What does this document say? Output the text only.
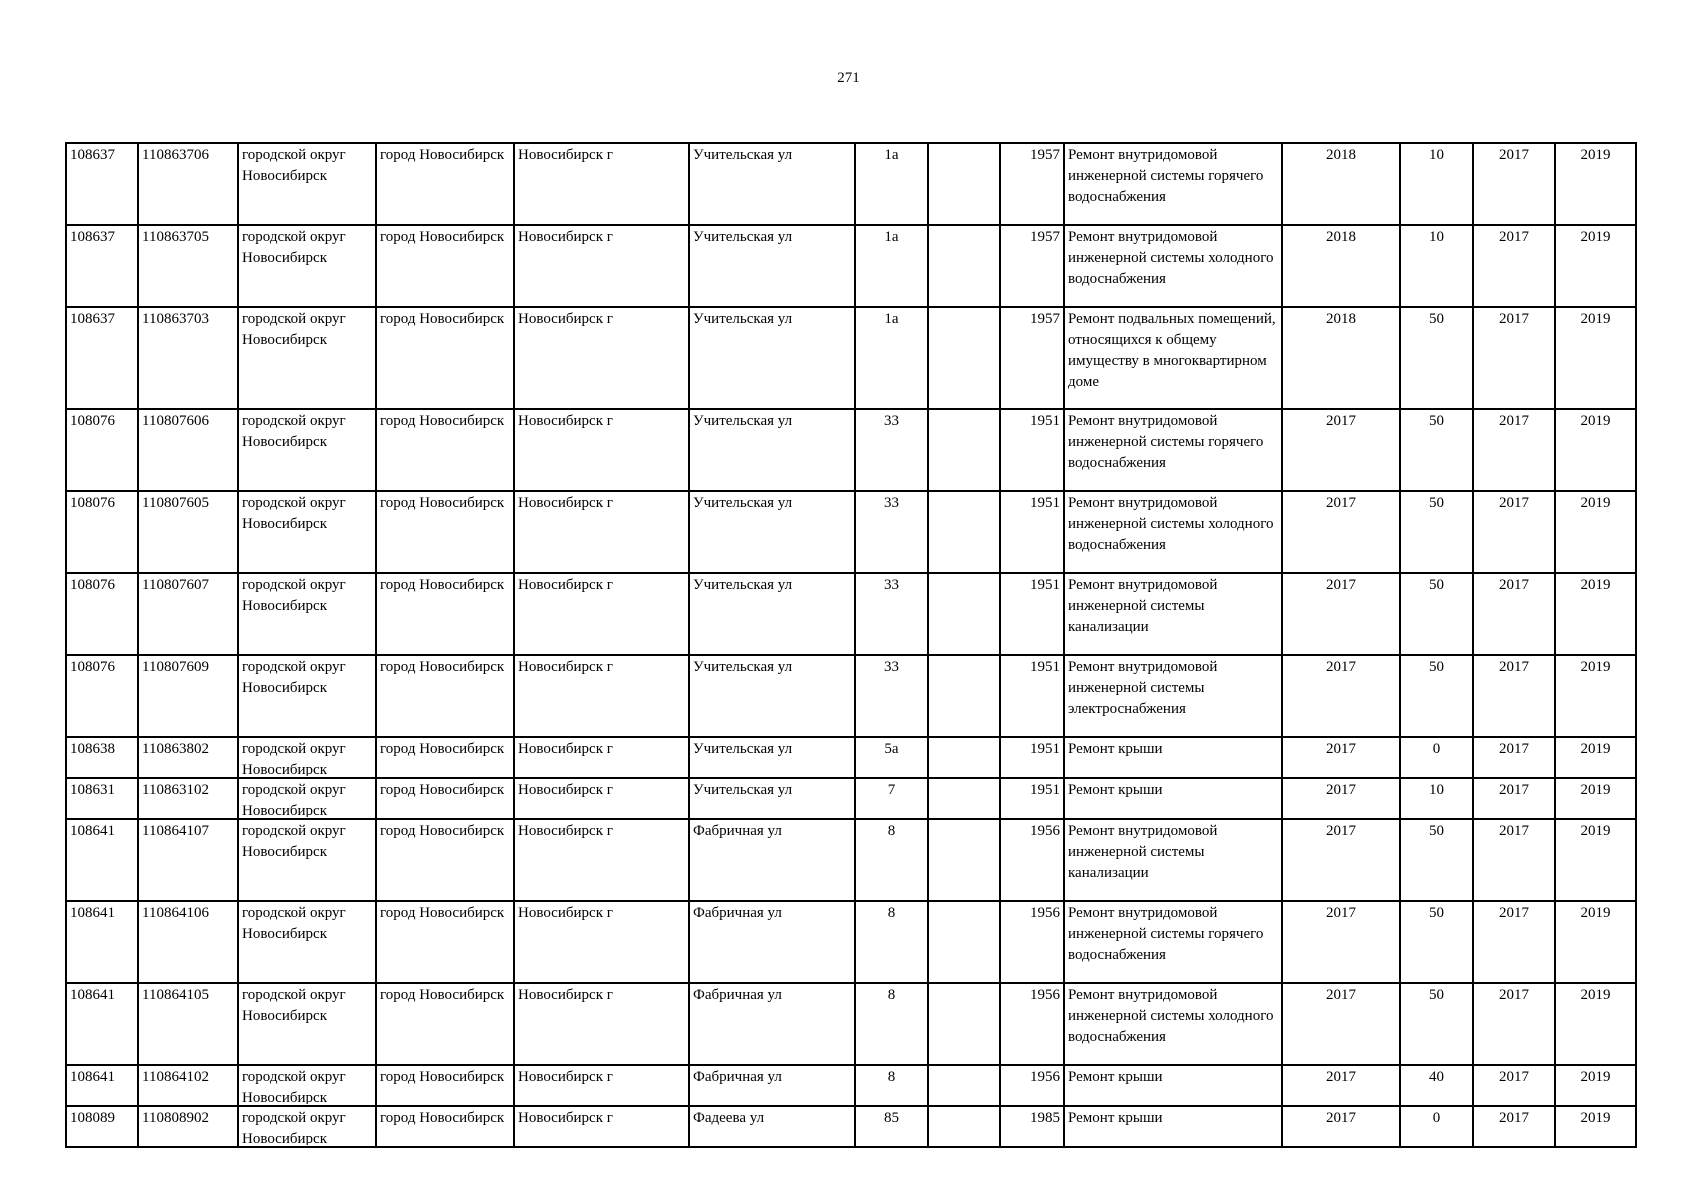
271
108637	110863706	городской округ Новосибирск	город Новосибирск	Новосибирск г	Учительская ул	1а		1957	Ремонт внутридомовой инженерной системы горячего водоснабжения	2018	10	2017	2019

108637	110863705	городской округ Новосибирск	город Новосибирск	Новосибирск г	Учительская ул	1а		1957	Ремонт внутридомовой инженерной системы холодного водоснабжения	2018	10	2017	2019

108637	110863703	городской округ Новосибирск	город Новосибирск	Новосибирск г	Учительская ул	1а		1957	Ремонт подвальных помещений, относящихся к общему имуществу в многоквартирном доме	2018	50	2017	2019

108076	110807606	городской округ Новосибирск	город Новосибирск	Новосибирск г	Учительская ул	33		1951	Ремонт внутридомовой инженерной системы горячего водоснабжения	2017	50	2017	2019

108076	110807605	городской округ Новосибирск	город Новосибирск	Новосибирск г	Учительская ул	33		1951	Ремонт внутридомовой инженерной системы холодного водоснабжения	2017	50	2017	2019

108076	110807607	городской округ Новосибирск	город Новосибирск	Новосибирск г	Учительская ул	33		1951	Ремонт внутридомовой инженерной системы канализации	2017	50	2017	2019

108076	110807609	городской округ Новосибирск	город Новосибирск	Новосибирск г	Учительская ул	33		1951	Ремонт внутридомовой инженерной системы электроснабжения	2017	50	2017	2019

108638	110863802	городской округ Новосибирск	город Новосибирск	Новосибирск г	Учительская ул	5а		1951	Ремонт крыши	2017	0	2017	2019

108631	110863102	городской округ Новосибирск	город Новосибирск	Новосибирск г	Учительская ул	7		1951	Ремонт крыши	2017	10	2017	2019

108641	110864107	городской округ Новосибирск	город Новосибирск	Новосибирск г	Фабричная ул	8		1956	Ремонт внутридомовой инженерной системы канализации	2017	50	2017	2019

108641	110864106	городской округ Новосибирск	город Новосибирск	Новосибирск г	Фабричная ул	8		1956	Ремонт внутридомовой инженерной системы горячего водоснабжения	2017	50	2017	2019

108641	110864105	городской округ Новосибирск	город Новосибирск	Новосибирск г	Фабричная ул	8		1956	Ремонт внутридомовой инженерной системы холодного водоснабжения	2017	50	2017	2019

108641	110864102	городской округ Новосибирск	город Новосибирск	Новосибирск г	Фабричная ул	8		1956	Ремонт крыши	2017	40	2017	2019

108089	110808902	городской округ Новосибирск	город Новосибирск	Новосибирск г	Фадеева ул	85		1985	Ремонт крыши	2017	0	2017	2019
